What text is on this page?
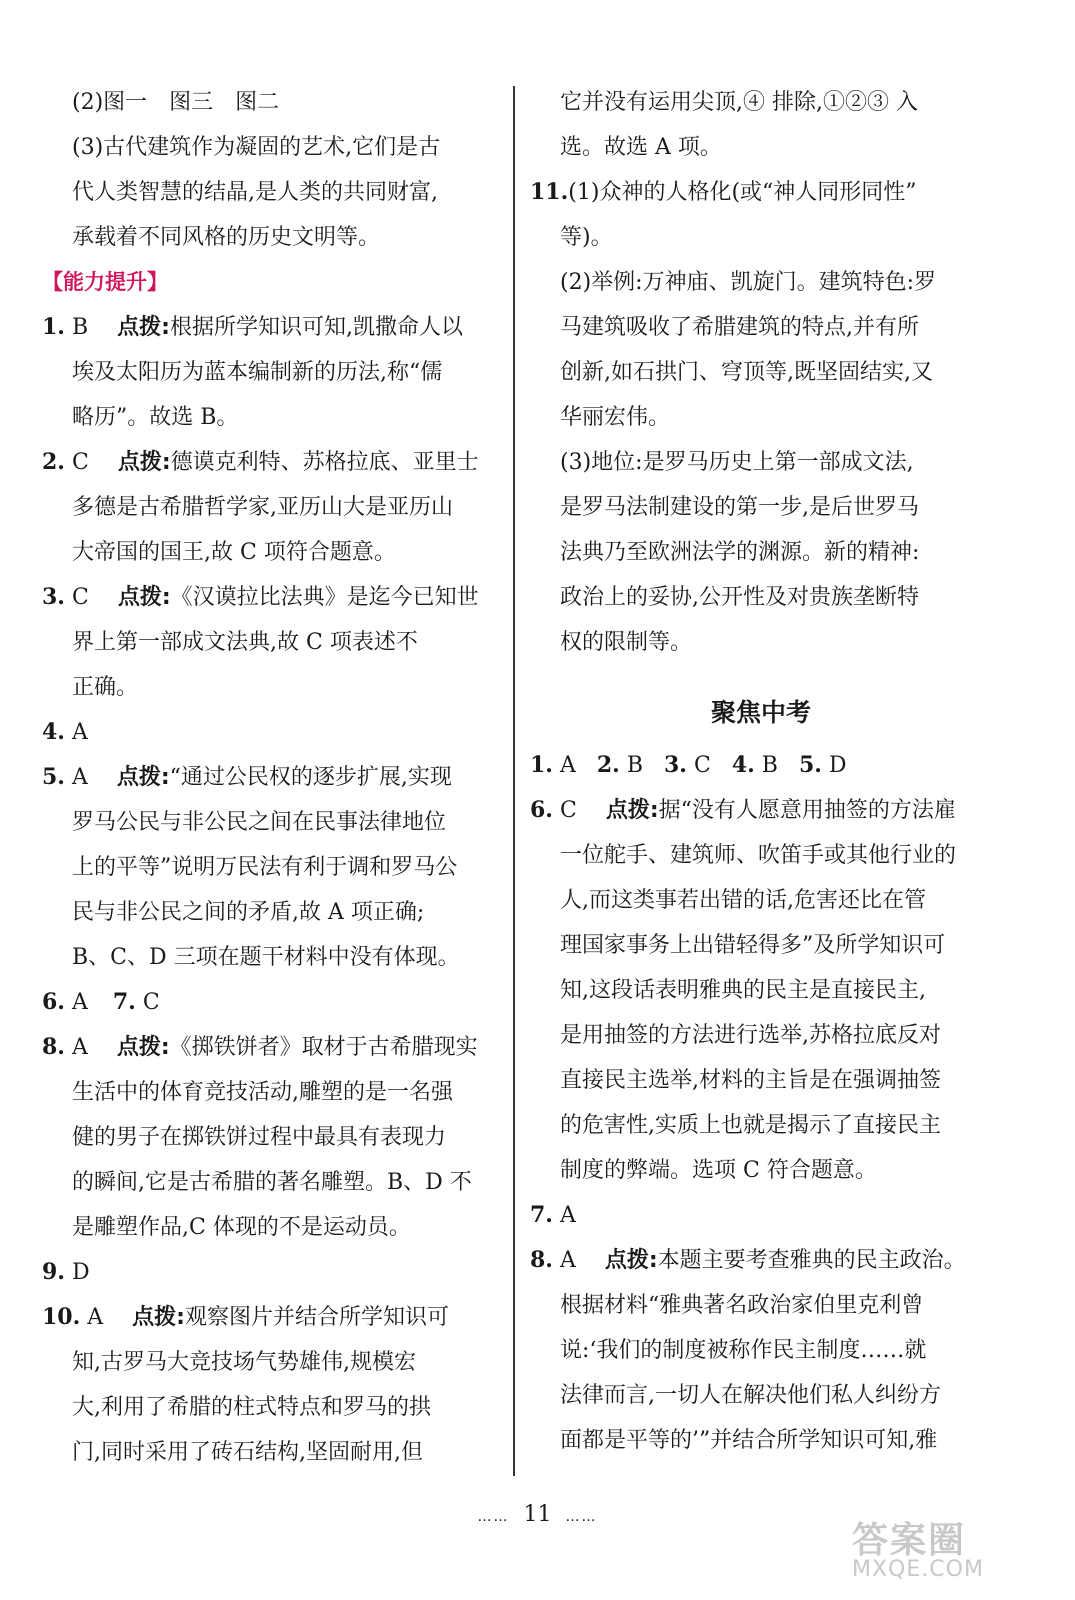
(2)图一　图三　图二
(3)古代建筑作为凝固的艺术,它们是古
代人类智慧的结晶,是人类的共同财富,
承载着不同风格的历史文明等。
【能力提升】
1. B 点拨:根据所学知识可知,凯撒命人以
埃及太阳历为蓝本编制新的历法,称“儒
略历”。故选 B。
2. C 点拨:德谟克利特、苏格拉底、亚里士
多德是古希腊哲学家,亚历山大是亚历山
大帝国的国王,故 C 项符合题意。
3. C 点拨:《汉谟拉比法典》是迄今已知世
界上第一部成文法典,故 C 项表述不
正确。
4. A
5. A 点拨:“通过公民权的逐步扩展,实现
罗马公民与非公民之间在民事法律地位
上的平等”说明万民法有利于调和罗马公
民与非公民之间的矛盾,故 A 项正确;
B、C、D 三项在题干材料中没有体现。
6. A 7. C
8. A 点拨:《掷铁饼者》取材于古希腊现实
生活中的体育竞技活动,雕塑的是一名强
健的男子在掷铁饼过程中最具有表现力
的瞬间,它是古希腊的著名雕塑。B、D 不
是雕塑作品,C 体现的不是运动员。
9. D
10. A 点拨:观察图片并结合所学知识可
知,古罗马大竞技场气势雄伟,规模宏
大,利用了希腊的柱式特点和罗马的拱
门,同时采用了砖石结构,坚固耐用,但
它并没有运用尖顶,④ 排除,①②③ 入
选。故选 A 项。
11.(1)众神的人格化(或“神人同形同性”
等)。
(2)举例:万神庙、凯旋门。建筑特色:罗
马建筑吸收了希腊建筑的特点,并有所
创新,如石拱门、穹顶等,既坚固结实,又
华丽宏伟。
(3)地位:是罗马历史上第一部成文法,
是罗马法制建设的第一步,是后世罗马
法典乃至欧洲法学的渊源。新的精神:
政治上的妥协,公开性及对贵族垄断特
权的限制等。
聚焦中考
1. A 2. B 3. C 4. B 5. D
6. C 点拨:据“没有人愿意用抽签的方法雇
一位舵手、建筑师、吹笛手或其他行业的
人,而这类事若出错的话,危害还比在管
理国家事务上出错轻得多”及所学知识可
知,这段话表明雅典的民主是直接民主,
是用抽签的方法进行选举,苏格拉底反对
直接民主选举,材料的主旨是在强调抽签
的危害性,实质上也就是揭示了直接民主
制度的弊端。选项 C 符合题意。
7. A
8. A 点拨:本题主要考查雅典的民主政治。
根据材料“雅典著名政治家伯里克利曾
说:‘我们的制度被称作民主制度……就
法律而言,一切人在解决他们私人纠纷方
面都是平等的’”并结合所学知识可知,雅
…… 11 ……
答案圈
MXQE.COM
